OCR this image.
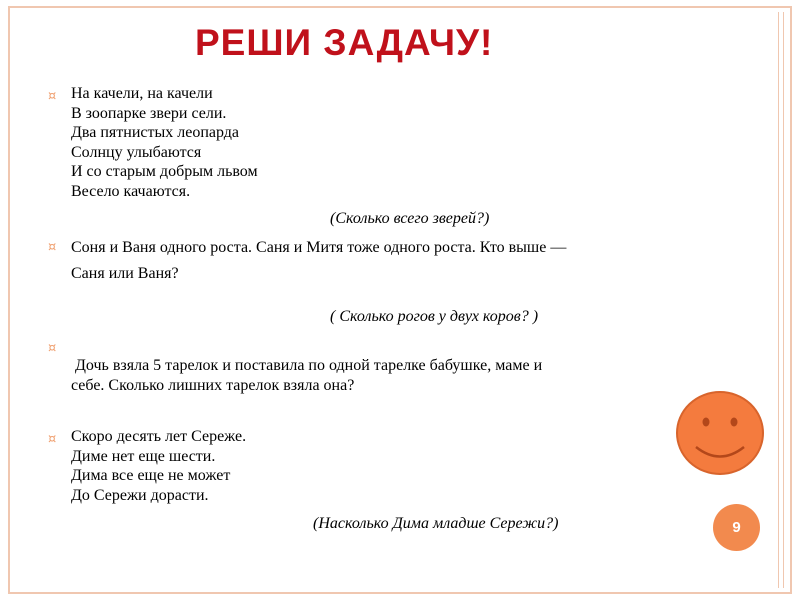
РЕШИ ЗАДАЧУ!
¤ На качели, на качели
В зоопарке звери сели.
Два пятнистых леопарда
Солнцу улыбаются
И со старым добрым львом
Весело качаются.
(Сколько всего зверей?)
¤ Соня и Ваня одного роста. Саня и Митя тоже одного роста. Кто выше —
Саня или Ваня?
( Сколько рогов у двух коров? )
¤
Дочь взяла 5 тарелок и поставила по одной тарелке бабушке, маме и
себе. Сколько лишних тарелок взяла она?
¤ Скоро десять лет Сереже.
Диме нет еще шести.
Дима все еще не может
До Сережи дорасти.
(Насколько Дима младше Сережи?)	9
